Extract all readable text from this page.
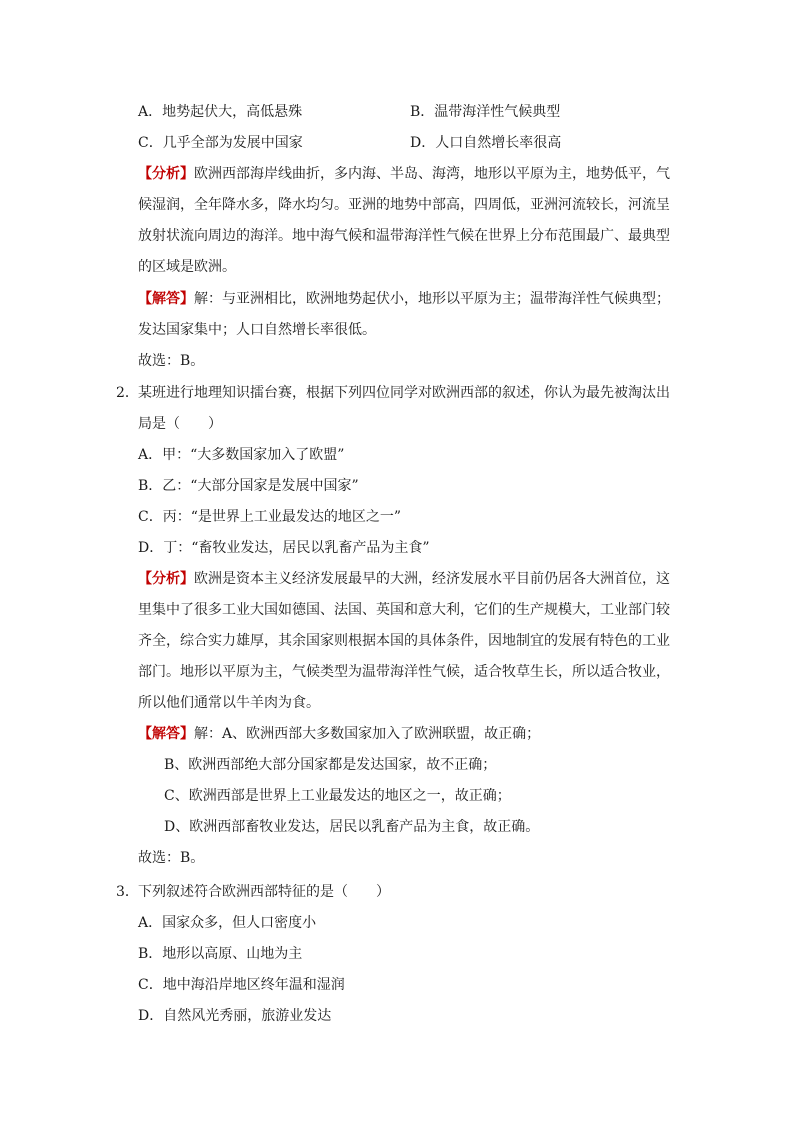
A．地势起伏大，高低悬殊	B．温带海洋性气候典型
C．几乎全部为发展中国家	D．人口自然增长率很高
【分析】欧洲西部海岸线曲折，多内海、半岛、海湾，地形以平原为主，地势低平，气
候湿润，全年降水多，降水均匀。亚洲的地势中部高，四周低，亚洲河流较长，河流呈
放射状流向周边的海洋。地中海气候和温带海洋性气候在世界上分布范围最广、最典型
的区域是欧洲。
【解答】解：与亚洲相比，欧洲地势起伏小，地形以平原为主；温带海洋性气候典型；
发达国家集中；人口自然增长率很低。
故选：B。
2． 某班进行地理知识擂台赛，根据下列四位同学对欧洲西部的叙述，你认为最先被淘汰出
局是（　　）
A．甲：“大多数国家加入了欧盟”
B．乙：“大部分国家是发展中国家”
C．丙：“是世界上工业最发达的地区之一”
D．丁：“畜牧业发达，居民以乳畜产品为主食”
【分析】欧洲是资本主义经济发展最早的大洲，经济发展水平目前仍居各大洲首位，这
里集中了很多工业大国如德国、法国、英国和意大利，它们的生产规模大，工业部门较
齐全，综合实力雄厚，其余国家则根据本国的具体条件，因地制宜的发展有特色的工业
部门。地形以平原为主，气候类型为温带海洋性气候，适合牧草生长，所以适合牧业，
所以他们通常以牛羊肉为食。
【解答】解：A、欧洲西部大多数国家加入了欧洲联盟，故正确；
B、欧洲西部绝大部分国家都是发达国家，故不正确；
C、欧洲西部是世界上工业最发达的地区之一，故正确；
D、欧洲西部畜牧业发达，居民以乳畜产品为主食，故正确。
故选：B。
3． 下列叙述符合欧洲西部特征的是（　　）
A．国家众多，但人口密度小
B．地形以高原、山地为主
C．地中海沿岸地区终年温和湿润
D．自然风光秀丽，旅游业发达
